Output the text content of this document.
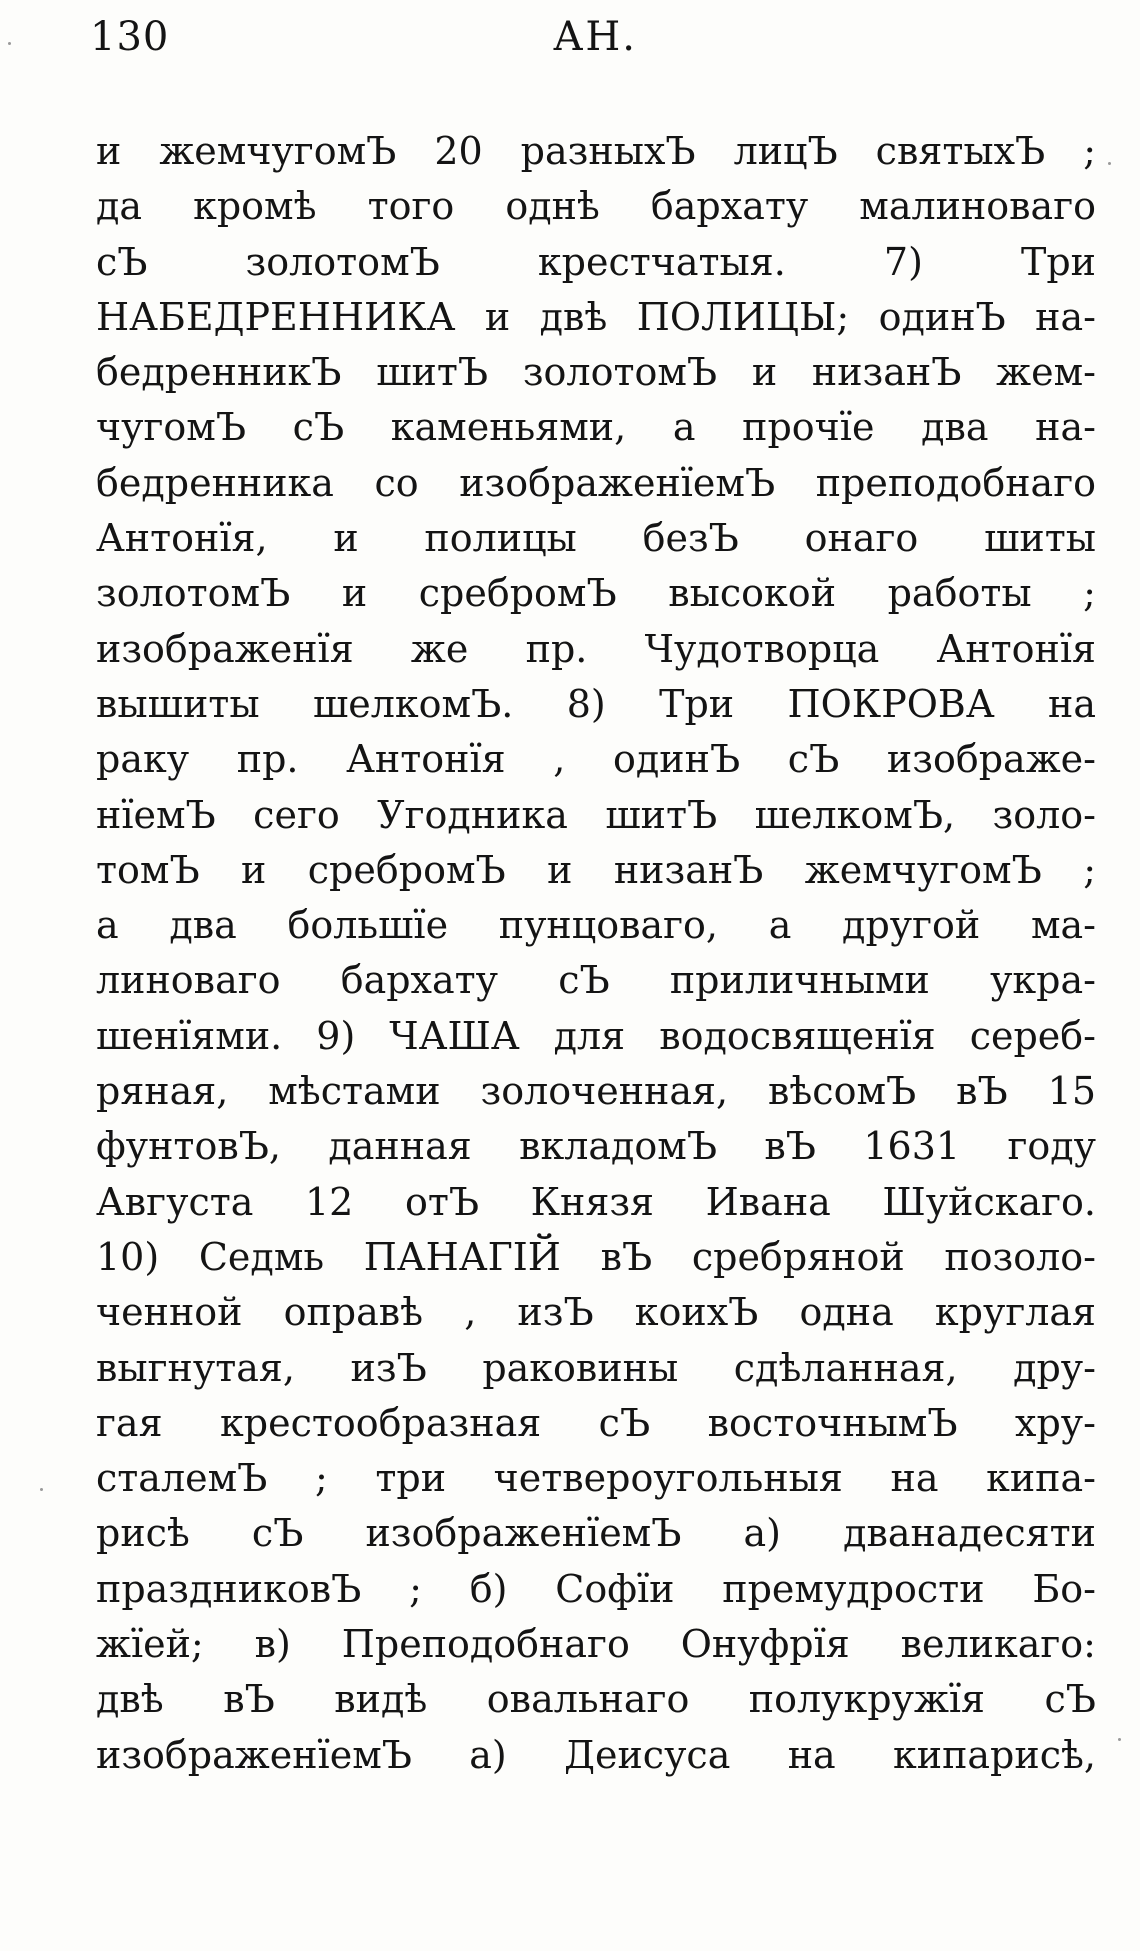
130	АН.
и жемчугомЪ 20 разныхЪ лицЪ святыхЪ ;
да кромѣ того однѣ бархату малиноваго
сЪ золотомЪ крестчатыя. 7) Три
НАБЕДРЕННИКА и двѣ ПОЛИЦЫ; одинЪ на-
бедренникЪ шитЪ золотомЪ и низанЪ жем-
чугомЪ сЪ каменьями, а прочїе два на-
бедренника со изображенїемЪ преподобнаго
Антонїя, и полицы безЪ онаго шиты
золотомЪ и сребромЪ высокой работы ;
изображенїя же пр. Чудотворца Антонїя
вышиты шелкомЪ. 8) Три ПОКРОВА на
раку пр. Антонїя , одинЪ сЪ изображе-
нїемЪ сего Угодника шитЪ шелкомЪ, золо-
томЪ и сребромЪ и низанЪ жемчугомЪ ;
а два большїе пунцоваго, а другой ма-
линоваго бархату сЪ приличными укра-
шенїями. 9) ЧАША для водосвященїя сереб-
ряная, мѣстами золоченная, вѣсомЪ вЪ 15
фунтовЪ, данная вкладомЪ вЪ 1631 году
Августа 12 отЪ Князя Ивана Шуйскаго.
10) Седмь ПАНАГІЙ вЪ сребряной позоло-
ченной оправѣ , изЪ коихЪ одна круглая
выгнутая, изЪ раковины сдѣланная, дру-
гая крестообразная сЪ восточнымЪ хру-
сталемЪ ; три четвероугольныя на кипа-
рисѣ сЪ изображенїемЪ а) дванадесяти
праздниковЪ ; б) Софїи премудрости Бо-
жїей; в) Преподобнаго Онуфрїя великаго:
двѣ вЪ видѣ овальнаго полукружїя сЪ
изображенїемЪ а) Деисуса на кипарисѣ,
